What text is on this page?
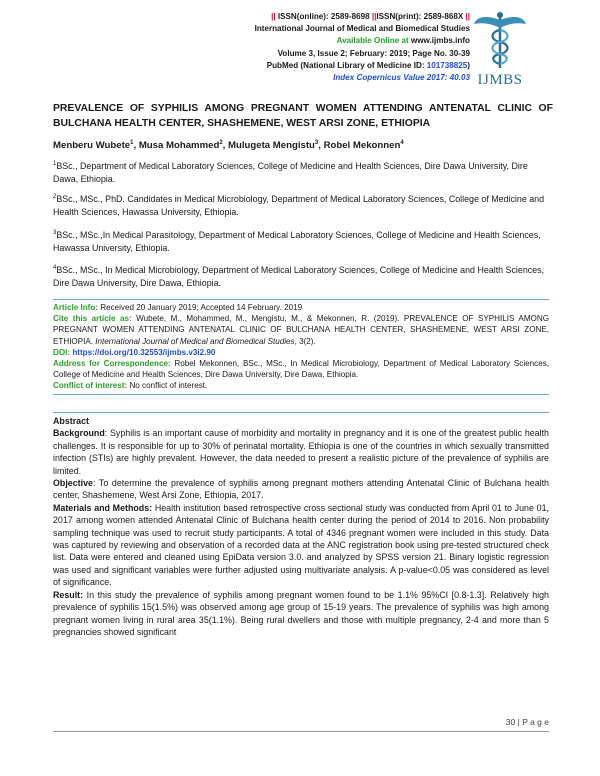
|| ISSN(online): 2589-8698 ||ISSN(print): 2589-868X ||
International Journal of Medical and Biomedical Studies
Available Online at www.ijmbs.info
Volume 3, Issue 2; February: 2019; Page No. 30-39
PubMed (National Library of Medicine ID: 101738825)
Index Copernicus Value 2017: 40.03 IJMBS
PREVALENCE OF SYPHILIS AMONG PREGNANT WOMEN ATTENDING ANTENATAL CLINIC OF BULCHANA HEALTH CENTER, SHASHEMENE, WEST ARSI ZONE, ETHIOPIA
Menberu Wubete$^1$, Musa Mohammed$^2$, Mulugeta Mengistu$^3$, Robel Mekonnen$^4$
$^1$BSc., Department of Medical Laboratory Sciences, College of Medicine and Health Sciences, Dire Dawa University, Dire Dawa, Ethiopia.
$^2$BSc., MSc., PhD. Candidates in Medical Microbiology, Department of Medical Laboratory Sciences, College of Medicine and Health Sciences, Hawassa University, Ethiopia.
$^3$BSc., MSc.,In Medical Parasitology, Department of Medical Laboratory Sciences, College of Medicine and Health Sciences, Hawassa University, Ethiopia.
$^4$BSc., MSc., In Medical Microbiology, Department of Medical Laboratory Sciences, College of Medicine and Health Sciences, Dire Dawa University, Dire Dawa, Ethiopia.

Article Info: Received 20 January 2019; Accepted 14 February. 2019

Cite this article as: Wubete, M., Mohammed, M., Mengistu, M., & Mekonnen, R. (2019). PREVALENCE OF SYPHILIS AMONG PREGNANT WOMEN ATTENDING ANTENATAL CLINIC OF BULCHANA HEALTH CENTER, SHASHEMENE, WEST ARSI ZONE, ETHIOPIA. International Journal of Medical and Biomedical Studies, 3(2).

DOI: https://doi.org/10.32553/ijmbs.v3i2.90

Address for Correspondence: Robel Mekonnen, BSc., MSc., In Medical Microbiology, Department of Medical Laboratory Sciences, College of Medicine and Health Sciences, Dire Dawa University, Dire Dawa, Ethiopia.

Conflict of interest: No conflict of interest.

Abstract

Background: Syphilis is an important cause of morbidity and mortality in pregnancy and it is one of the greatest public health challenges. It is responsible for up to 30% of perinatal mortality. Ethiopia is one of the countries in which sexually transmitted infection (STIs) are highly prevalent. However, the data needed to present a realistic picture of the prevalence of syphilis are limited.

Objective: To determine the prevalence of syphilis among pregnant mothers attending Antenatal Clinic of Bulchana health center, Shashemene, West Arsi Zone, Ethiopia, 2017.

Materials and Methods: Health institution based retrospective cross sectional study was conducted from April 01 to June 01, 2017 among women attended Antenatal Clinic of Bulchana health center during the period of 2014 to 2016. Non probability sampling technique was used to recruit study participants. A total of 4346 pregnant women were included in this study. Data was captured by reviewing and observation of a recorded data at the ANC registration book using pre-tested structured check list. Data were entered and cleaned using EpiData version 3.0. and analyzed by SPSS version 21. Binary logistic regression was used and significant variables were further adjusted using multivariate analysis. A p-value<0.05 was considered as level of significance.

Result: In this study the prevalence of syphilis among pregnant women found to be 1.1% 95%CI [0.8-1.3]. Relatively high prevalence of syphilis 15(1.5%) was observed among age group of 15-19 years. The prevalence of syphilis was high among pregnant women living in rural area 35(1.1%). Being rural dwellers and those with multiple pregnancy, 2-4 and more than 5 pregnancies showed significant

30 | P a g e
